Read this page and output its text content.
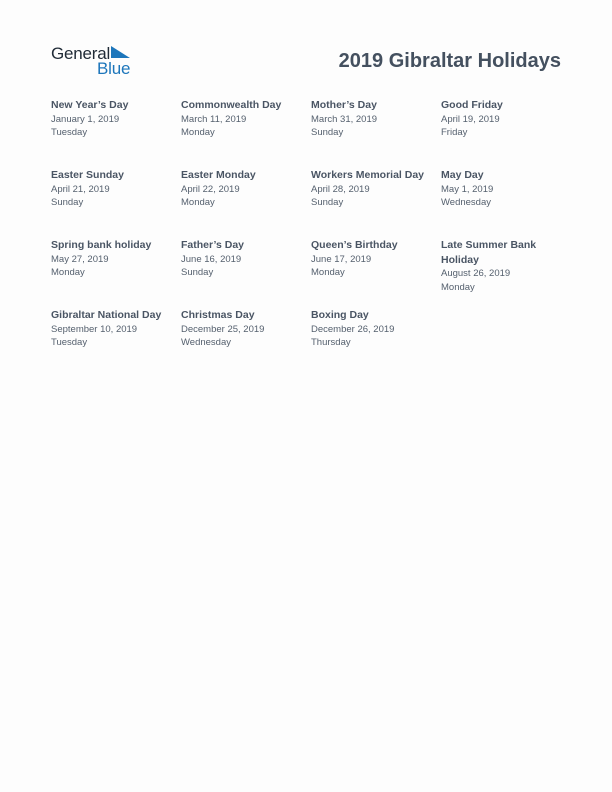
General
Blue	2019 Gibraltar Holidays
New Year’s Day
January 1, 2019
Tuesday
Commonwealth Day
March 11, 2019
Monday
Mother’s Day
March 31, 2019
Sunday
Good Friday
April 19, 2019
Friday
Easter Sunday
April 21, 2019
Sunday
Easter Monday
April 22, 2019
Monday
Workers Memorial Day
April 28, 2019
Sunday
May Day
May 1, 2019
Wednesday
Spring bank holiday
May 27, 2019
Monday
Father’s Day
June 16, 2019
Sunday
Queen’s Birthday
June 17, 2019
Monday
Late Summer Bank Holiday
August 26, 2019
Monday
Gibraltar National Day
September 10, 2019
Tuesday
Christmas Day
December 25, 2019
Wednesday
Boxing Day
December 26, 2019
Thursday
